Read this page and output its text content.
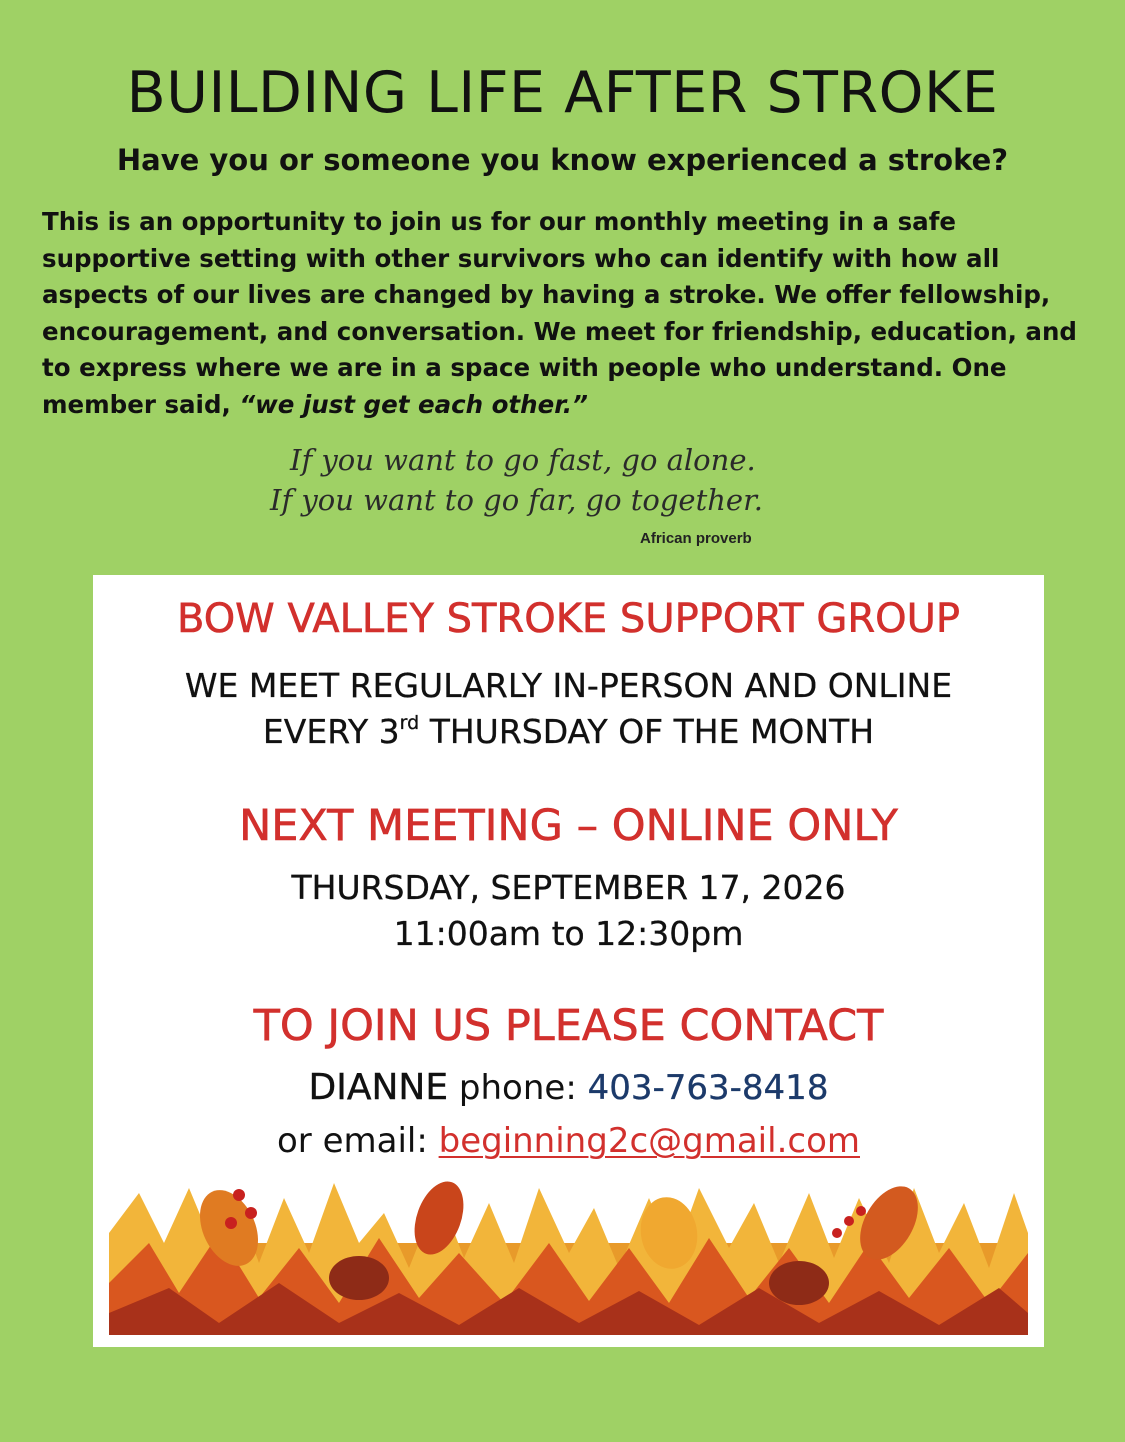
BUILDING LIFE AFTER STROKE
Have you or someone you know experienced a stroke?

This is an opportunity to join us for our monthly meeting in a safe supportive setting with other survivors who can identify with how all aspects of our lives are changed by having a stroke. We offer fellowship, encouragement, and conversation. We meet for friendship, education, and to express where we are in a space with people who understand. One member said, “we just get each other.”

If you want to go fast, go alone.
If you want to go far, go together.
African proverb
BOW VALLEY STROKE SUPPORT GROUP
WE MEET REGULARLY IN-PERSON AND ONLINE
EVERY 3rd THURSDAY OF THE MONTH
NEXT MEETING – ONLINE ONLY
THURSDAY, SEPTEMBER 17, 2026
11:00am to 12:30pm
TO JOIN US PLEASE CONTACT
DIANNE phone: 403-763-8418
or email: beginning2c@gmail.com
